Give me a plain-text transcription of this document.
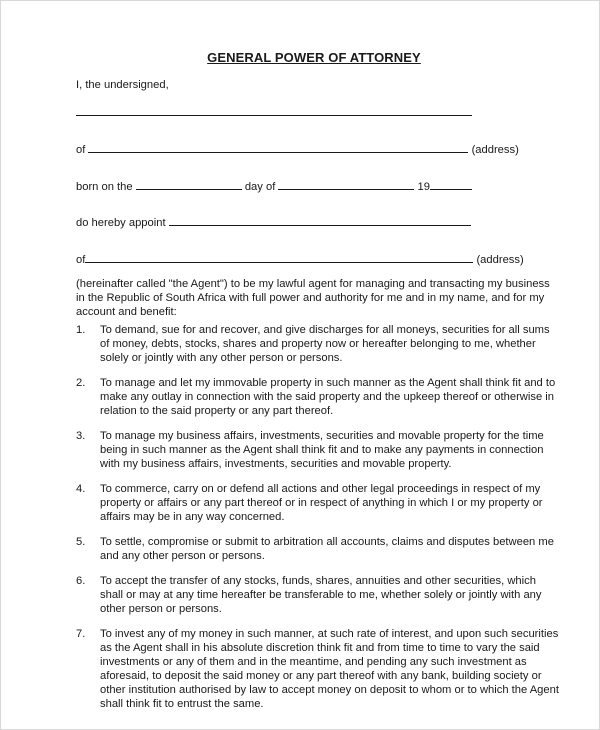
GENERAL POWER OF ATTORNEY
I, the undersigned,
of	(address)
born on the	day of	19
do hereby appoint
of	(address)
(hereinafter called "the Agent") to be my lawful agent for managing and transacting my business in the Republic of South Africa with full power and authority for me and in my name, and for my account and benefit:
1. To demand, sue for and recover, and give discharges for all moneys, securities for all sums of money, debts, stocks, shares and property now or hereafter belonging to me, whether solely or jointly with any other person or persons.
2. To manage and let my immovable property in such manner as the Agent shall think fit and to make any outlay in connection with the said property and the upkeep thereof or otherwise in relation to the said property or any part thereof.
3. To manage my business affairs, investments, securities and movable property for the time being in such manner as the Agent shall think fit and to make any payments in connection with my business affairs, investments, securities and movable property.
4. To commerce, carry on or defend all actions and other legal proceedings in respect of my property or affairs or any part thereof or in respect of anything in which I or my property or affairs may be in any way concerned.
5. To settle, compromise or submit to arbitration all accounts, claims and disputes between me and any other person or persons.
6. To accept the transfer of any stocks, funds, shares, annuities and other securities, which shall or may at any time hereafter be transferable to me, whether solely or jointly with any other person or persons.
7. To invest any of my money in such manner, at such rate of interest, and upon such securities as the Agent shall in his absolute discretion think fit and from time to time to vary the said investments or any of them and in the meantime, and pending any such investment as aforesaid, to deposit the said money or any part thereof with any bank, building society or other institution authorised by law to accept money on deposit to whom or to which the Agent shall think fit to entrust the same.
